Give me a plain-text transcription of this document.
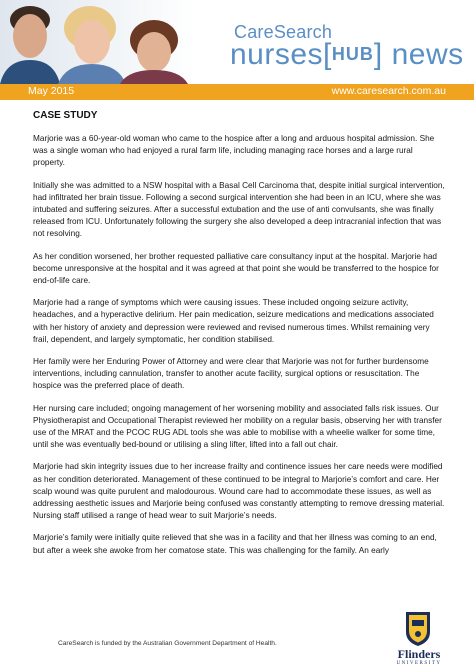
CareSearch
nurses[HUB] news
May 2015	www.caresearch.com.au
CASE STUDY

Marjorie was a 60-year-old woman who came to the hospice after a long and arduous hospital admission. She was a single woman who had enjoyed a rural farm life, including managing race horses and a large rural property.

Initially she was admitted to a NSW hospital with a Basal Cell Carcinoma that, despite initial surgical intervention, had infiltrated her brain tissue. Following a second surgical intervention she had been in an ICU, where she was intubated and suffering seizures. After a successful extubation and the use of anti convulsants, she was finally released from ICU. Unfortunately following the surgery she also developed a deep intracranial infection that was not resolving.

As her condition worsened, her brother requested palliative care consultancy input at the hospital. Marjorie had become unresponsive at the hospital and it was agreed at that point she would be transferred to the hospice for end-of-life care.

Marjorie had a range of symptoms which were causing issues. These included ongoing seizure activity, headaches, and a hyperactive delirium. Her pain medication, seizure medications and medications associated with her history of anxiety and depression were reviewed and revised numerous times. Whilst remaining very frail, dependent, and largely symptomatic, her condition stabilised.

Her family were her Enduring Power of Attorney and were clear that Marjorie was not for further burdensome interventions, including cannulation, transfer to another acute facility, surgical options or resuscitation. The hospice was the preferred place of death.

Her nursing care included; ongoing management of her worsening mobility and associated falls risk issues. Our Physiotherapist and Occupational Therapist reviewed her mobility on a regular basis, observing her with transfer use of the MRAT and the PCOC RUG ADL tools she was able to mobilise with a wheelie walker for some time, until she was eventually bed-bound or utilising a sling lifter, lifted into a fall out chair.

Marjorie had skin integrity issues due to her increase frailty and continence issues her care needs were modified as her condition deteriorated. Management of these continued to be integral to Marjorie’s comfort and care. Her scalp wound was quite purulent and malodourous. Wound care had to accommodate these issues, as well as addressing aesthetic issues and Marjorie being confused was constantly attempting to remove dressing material. Nursing staff utilised a range of head wear to suit Marjorie’s needs.

Marjorie’s family were initially quite relieved that she was in a facility and that her illness was coming to an end, but after a week she awoke from her comatose state. This was challenging for the family. An early

CareSearch is funded by the Australian Government Department of Health.
Flinders
UNIVERSITY
